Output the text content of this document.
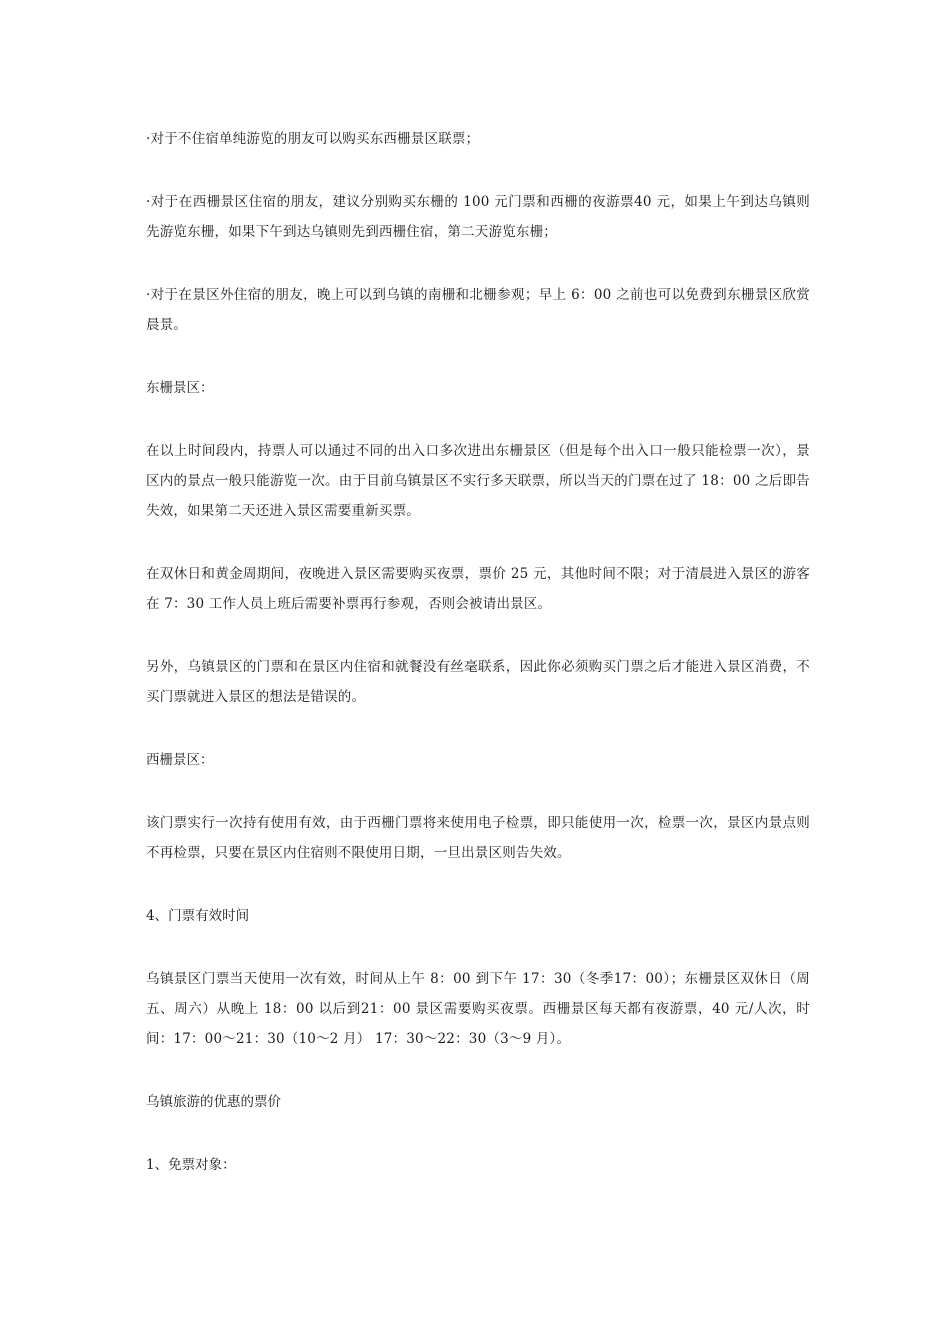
·对于不住宿单纯游览的朋友可以购买东西栅景区联票；

·对于在西栅景区住宿的朋友，建议分别购买东栅的 100 元门票和西栅的夜游票40 元，如果上午到达乌镇则先游览东栅，如果下午到达乌镇则先到西栅住宿，第二天游览东栅；

·对于在景区外住宿的朋友，晚上可以到乌镇的南栅和北栅参观；早上 6：00 之前也可以免费到东栅景区欣赏晨景。

东栅景区：

在以上时间段内，持票人可以通过不同的出入口多次进出东栅景区（但是每个出入口一般只能检票一次），景区内的景点一般只能游览一次。由于目前乌镇景区不实行多天联票，所以当天的门票在过了 18：00 之后即告失效，如果第二天还进入景区需要重新买票。

在双休日和黄金周期间，夜晚进入景区需要购买夜票，票价 25 元，其他时间不限；对于清晨进入景区的游客在 7：30 工作人员上班后需要补票再行参观，否则会被请出景区。

另外，乌镇景区的门票和在景区内住宿和就餐没有丝毫联系，因此你必须购买门票之后才能进入景区消费，不买门票就进入景区的想法是错误的。

西栅景区：

该门票实行一次持有使用有效，由于西栅门票将来使用电子检票，即只能使用一次，检票一次，景区内景点则不再检票，只要在景区内住宿则不限使用日期，一旦出景区则告失效。

4、门票有效时间

乌镇景区门票当天使用一次有效，时间从上午 8：00 到下午 17：30（冬季17：00）；东栅景区双休日（周五、周六）从晚上 18：00 以后到21：00 景区需要购买夜票。西栅景区每天都有夜游票，40 元/人次，时间：17：00～21：30（10～2 月） 17：30～22：30（3～9 月）。

乌镇旅游的优惠的票价

1、免票对象：
